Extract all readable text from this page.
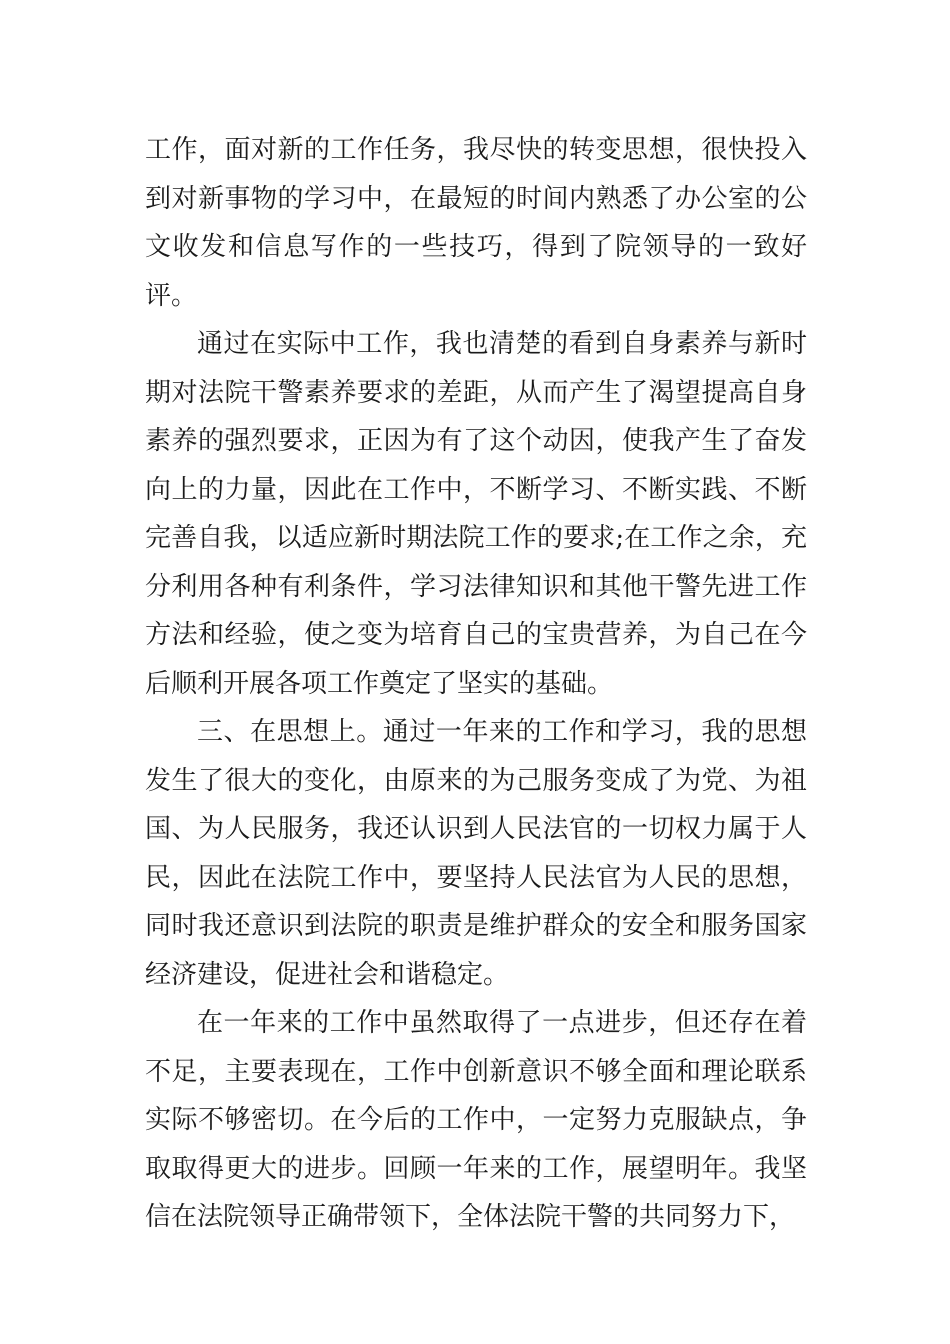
工作，面对新的工作任务，我尽快的转变思想，很快投入到对新事物的学习中，在最短的时间内熟悉了办公室的公文收发和信息写作的一些技巧，得到了院领导的一致好评。

通过在实际中工作，我也清楚的看到自身素养与新时期对法院干警素养要求的差距，从而产生了渴望提高自身素养的强烈要求，正因为有了这个动因，使我产生了奋发向上的力量，因此在工作中，不断学习、不断实践、不断完善自我，以适应新时期法院工作的要求;在工作之余，充分利用各种有利条件，学习法律知识和其他干警先进工作方法和经验，使之变为培育自己的宝贵营养，为自己在今后顺利开展各项工作奠定了坚实的基础。

三、在思想上。通过一年来的工作和学习，我的思想发生了很大的变化，由原来的为己服务变成了为党、为祖国、为人民服务，我还认识到人民法官的一切权力属于人民，因此在法院工作中，要坚持人民法官为人民的思想，同时我还意识到法院的职责是维护群众的安全和服务国家经济建设，促进社会和谐稳定。

在一年来的工作中虽然取得了一点进步，但还存在着不足，主要表现在，工作中创新意识不够全面和理论联系实际不够密切。在今后的工作中，一定努力克服缺点，争取取得更大的进步。回顾一年来的工作，展望明年。我坚信在法院领导正确带领下，全体法院干警的共同努力下，
